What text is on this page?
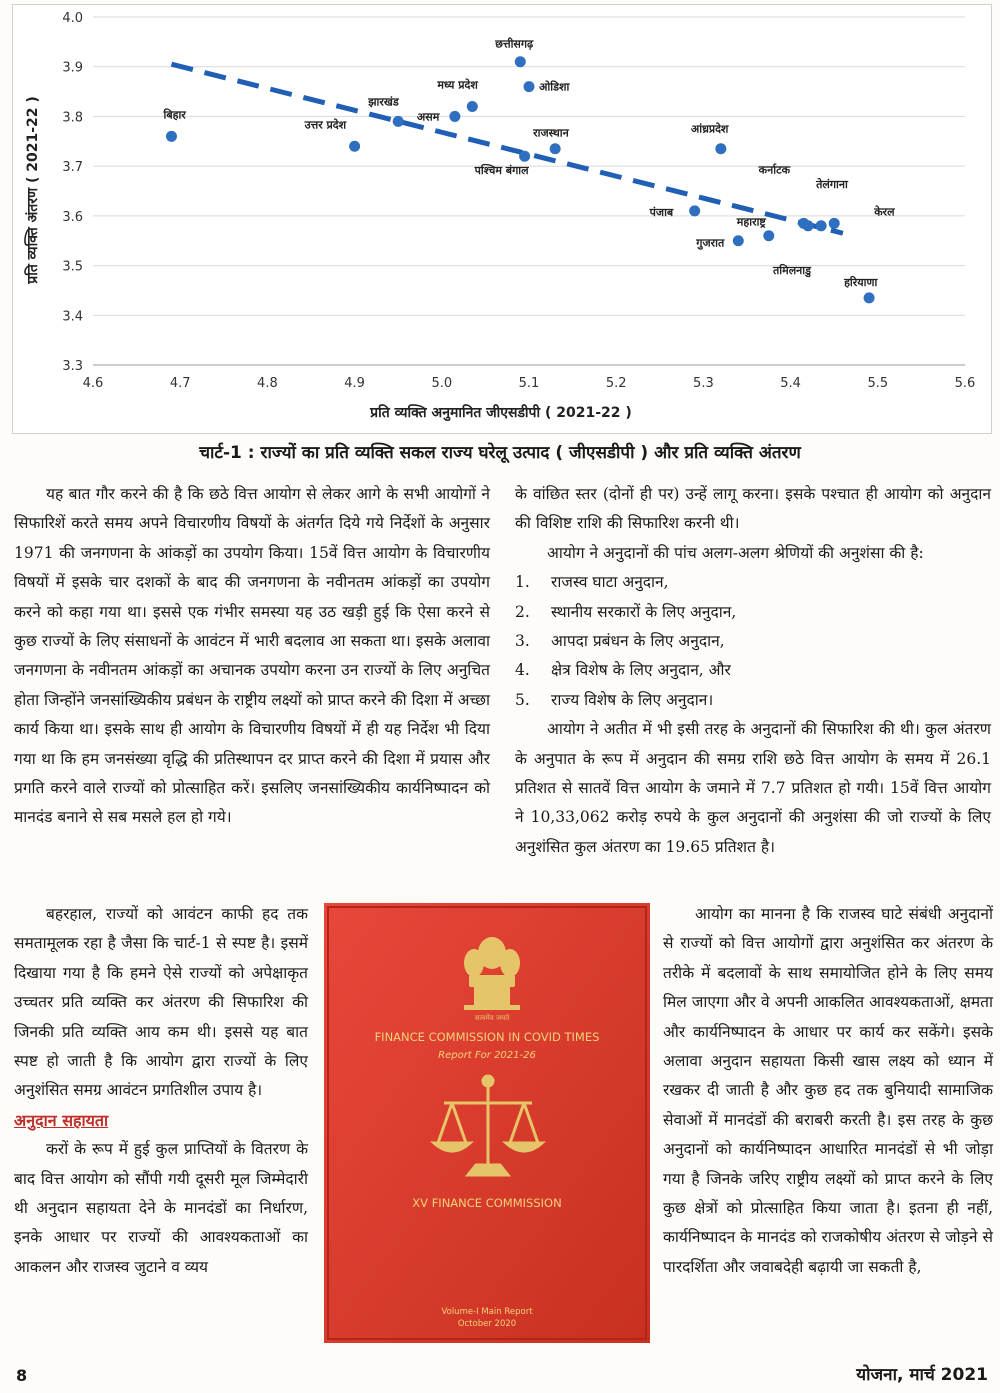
3.3
3.4
3.5
3.6
3.7
3.8
3.9
4.0
4.6	4.7	4.8	4.9	5.0	5.1	5.2	5.3	5.4	5.5	5.6
बिहार
उत्तर प्रदेश
झारखंड
असम
मध्य प्रदेश
छत्तीसगढ़
ओडिशा
पश्चिम बंगाल
राजस्थान	आंध्रप्रदेश
पंजाब
गुजरात
महाराष्ट्र
कर्नाटक
तमिलनाडु
तेलंगाना
केरल
हरियाणा
प्रति व्यक्ति अनुमानित जीएसडीपी ( 2021-22 )
प्रति व्यक्ति अंतरण ( 2021-22 )
चार्ट-1 : राज्यों का प्रति व्यक्ति सकल राज्य घरेलू उत्पाद ( जीएसडीपी ) और प्रति व्यक्ति अंतरण

यह बात गौर करने की है कि छठे वित्त आयोग से लेकर आगे के सभी आयोगों ने सिफारिशें करते समय अपने विचारणीय विषयों के अंतर्गत दिये गये निर्देशों के अनुसार 1971 की जनगणना के आंकड़ों का उपयोग किया। 15वें वित्त आयोग के विचारणीय विषयों में इसके चार दशकों के बाद की जनगणना के नवीनतम आंकड़ों का उपयोग करने को कहा गया था। इससे एक गंभीर समस्या यह उठ खड़ी हुई कि ऐसा करने से कुछ राज्यों के लिए संसाधनों के आवंटन में भारी बदलाव आ सकता था। इसके अलावा जनगणना के नवीनतम आंकड़ों का अचानक उपयोग करना उन राज्यों के लिए अनुचित होता जिन्होंने जनसांख्यिकीय प्रबंधन के राष्ट्रीय लक्ष्यों को प्राप्त करने की दिशा में अच्छा कार्य किया था। इसके साथ ही आयोग के विचारणीय विषयों में ही यह निर्देश भी दिया गया था कि हम जनसंख्या वृद्धि की प्रतिस्थापन दर प्राप्त करने की दिशा में प्रयास और प्रगति करने वाले राज्यों को प्रोत्साहित करें। इसलिए जनसांख्यिकीय कार्यनिष्पादन को मानदंड बनाने से सब मसले हल हो गये।

बहरहाल, राज्यों को आवंटन काफी हद तक समतामूलक रहा है जैसा कि चार्ट-1 से स्पष्ट है। इसमें दिखाया गया है कि हमने ऐसे राज्यों को अपेक्षाकृत उच्चतर प्रति व्यक्ति कर अंतरण की सिफारिश की जिनकी प्रति व्यक्ति आय कम थी। इससे यह बात स्पष्ट हो जाती है कि आयोग द्वारा राज्यों के लिए अनुशंसित समग्र आवंटन प्रगतिशील उपाय है।

अनुदान सहायता

करों के रूप में हुई कुल प्राप्तियों के वितरण के बाद वित्त आयोग को सौंपी गयी दूसरी मूल जिम्मेदारी थी अनुदान सहायता देने के मानदंडों का निर्धारण, इनके आधार पर राज्यों की आवश्यकताओं का आकलन और राजस्व जुटाने व व्यय

के वांछित स्तर (दोनों ही पर) उन्हें लागू करना। इसके पश्चात ही आयोग को अनुदान की विशिष्ट राशि की सिफारिश करनी थी।

आयोग ने अनुदानों की पांच अलग-अलग श्रेणियों की अनुशंसा की है:

1.	राजस्व घाटा अनुदान,
2.	स्थानीय सरकारों के लिए अनुदान,
3.	आपदा प्रबंधन के लिए अनुदान,
4.	क्षेत्र विशेष के लिए अनुदान, और
5.	राज्य विशेष के लिए अनुदान।

आयोग ने अतीत में भी इसी तरह के अनुदानों की सिफारिश की थी। कुल अंतरण के अनुपात के रूप में अनुदान की समग्र राशि छठे वित्त आयोग के समय में 26.1 प्रतिशत से सातवें वित्त आयोग के जमाने में 7.7 प्रतिशत हो गयी। 15वें वित्त आयोग ने 10,33,062 करोड़ रुपये के कुल अनुदानों की अनुशंसा की जो राज्यों के लिए अनुशंसित कुल अंतरण का 19.65 प्रतिशत है।

आयोग का मानना है कि राजस्व घाटे संबंधी अनुदानों से राज्यों को वित्त आयोगों द्वारा अनुशंसित कर अंतरण के तरीके में बदलावों के साथ समायोजित होने के लिए समय मिल जाएगा और वे अपनी आकलित आवश्यकताओं, क्षमता और कार्यनिष्पादन के आधार पर कार्य कर सकेंगे। इसके अलावा अनुदान सहायता किसी खास लक्ष्य को ध्यान में रखकर दी जाती है और कुछ हद तक बुनियादी सामाजिक सेवाओं में मानदंडों की बराबरी करती है। इस तरह के कुछ अनुदानों को कार्यनिष्पादन आधारित मानदंडों से भी जोड़ा गया है जिनके जरिए राष्ट्रीय लक्ष्यों को प्राप्त करने के लिए कुछ क्षेत्रों को प्रोत्साहित किया जाता है। इतना ही नहीं, कार्यनिष्पादन के मानदंड को राजकोषीय अंतरण से जोड़ने से पारदर्शिता और जवाबदेही बढ़ायी जा सकती है,

सत्यमेव जयते
FINANCE COMMISSION IN COVID TIMES
Report For 2021-26
XV FINANCE COMMISSION
Volume-I Main Report
October 2020
8	योजना, मार्च 2021
